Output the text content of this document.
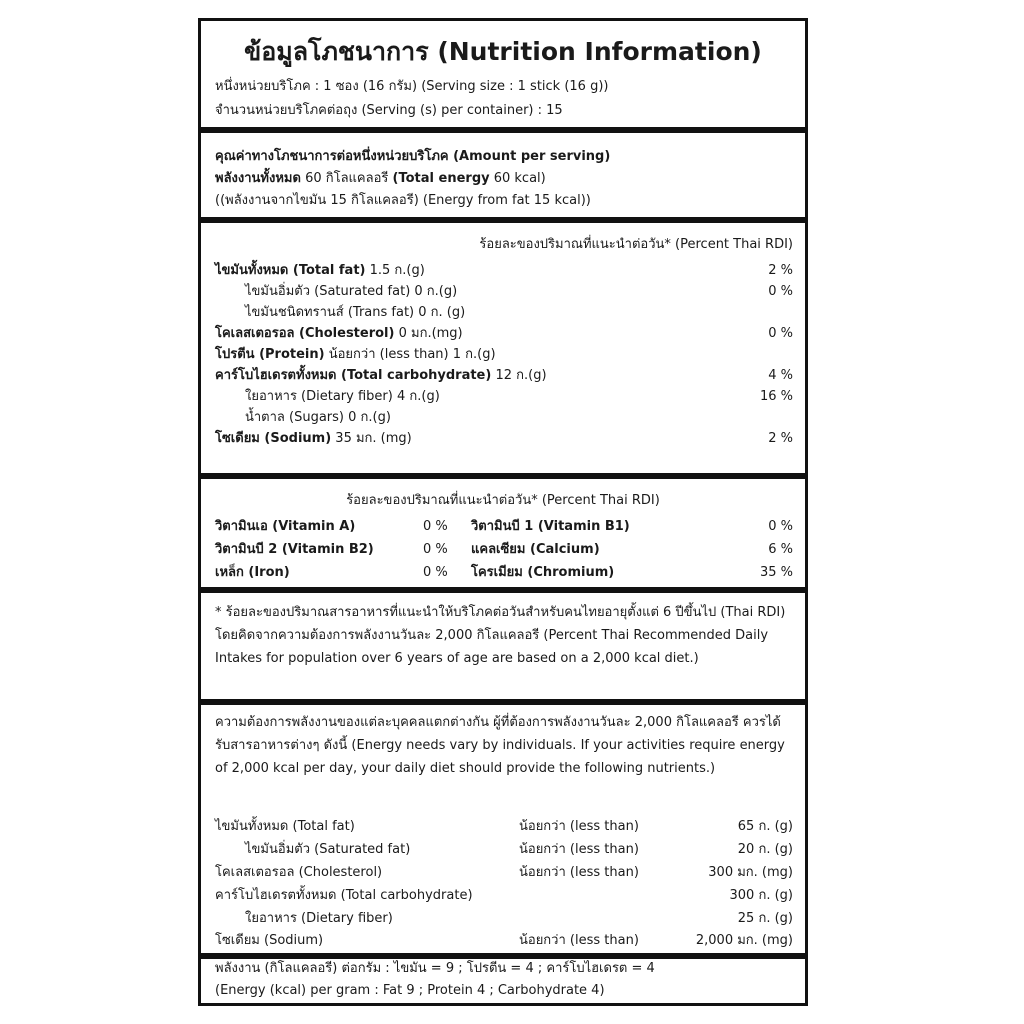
ข้อมูลโภชนาการ (Nutrition Information)
หนึ่งหน่วยบริโภค : 1 ซอง (16 กรัม) (Serving size : 1 stick (16 g))
จำนวนหน่วยบริโภคต่อถุง (Serving (s) per container) : 15
คุณค่าทางโภชนาการต่อหนึ่งหน่วยบริโภค (Amount per serving)
พลังงานทั้งหมด 60 กิโลแคลอรี (Total energy 60 kcal)
((พลังงานจากไขมัน 15 กิโลแคลอรี) (Energy from fat 15 kcal))
ร้อยละของปริมาณที่แนะนำต่อวัน* (Percent Thai RDI)
ไขมันทั้งหมด (Total fat) 1.5 ก.(g)	2 %
ไขมันอิ่มตัว (Saturated fat) 0 ก.(g)	0 %
ไขมันชนิดทรานส์ (Trans fat) 0 ก. (g)
โคเลสเตอรอล (Cholesterol) 0 มก.(mg)	0 %
โปรตีน (Protein) น้อยกว่า (less than) 1 ก.(g)
คาร์โบไฮเดรตทั้งหมด (Total carbohydrate) 12 ก.(g)	4 %
ใยอาหาร (Dietary fiber) 4 ก.(g)	16 %
น้ำตาล (Sugars) 0 ก.(g)
โซเดียม (Sodium) 35 มก. (mg)	2 %
ร้อยละของปริมาณที่แนะนำต่อวัน* (Percent Thai RDI)
วิตามินเอ (Vitamin A)	0 % วิตามินบี 1 (Vitamin B1)	0 %
วิตามินบี 2 (Vitamin B2)	0 % แคลเซียม (Calcium)	6 %
เหล็ก (Iron)	0 % โครเมียม (Chromium)	35 %
* ร้อยละของปริมาณสารอาหารที่แนะนำให้บริโภคต่อวันสำหรับคนไทยอายุตั้งแต่ 6 ปีขึ้นไป (Thai RDI) โดยคิดจากความต้องการพลังงานวันละ 2,000 กิโลแคลอรี (Percent Thai Recommended Daily Intakes for population over 6 years of age are based on a 2,000 kcal diet.)
ความต้องการพลังงานของแต่ละบุคคลแตกต่างกัน ผู้ที่ต้องการพลังงานวันละ 2,000 กิโลแคลอรี ควรได้รับสารอาหารต่างๆ ดังนี้ (Energy needs vary by individuals. If your activities require energy of 2,000 kcal per day, your daily diet should provide the following nutrients.)
ไขมันทั้งหมด (Total fat)	น้อยกว่า (less than)	65 ก. (g)
ไขมันอิ่มตัว (Saturated fat)	น้อยกว่า (less than)	20 ก. (g)
โคเลสเตอรอล (Cholesterol)	น้อยกว่า (less than)	300 มก. (mg)
คาร์โบไฮเดรตทั้งหมด (Total carbohydrate)	300 ก. (g)
ใยอาหาร (Dietary fiber)	25 ก. (g)
โซเดียม (Sodium)	น้อยกว่า (less than)	2,000 มก. (mg)
พลังงาน (กิโลแคลอรี) ต่อกรัม : ไขมัน = 9 ; โปรตีน = 4 ; คาร์โบไฮเดรต = 4
(Energy (kcal) per gram : Fat 9 ; Protein 4 ; Carbohydrate 4)
